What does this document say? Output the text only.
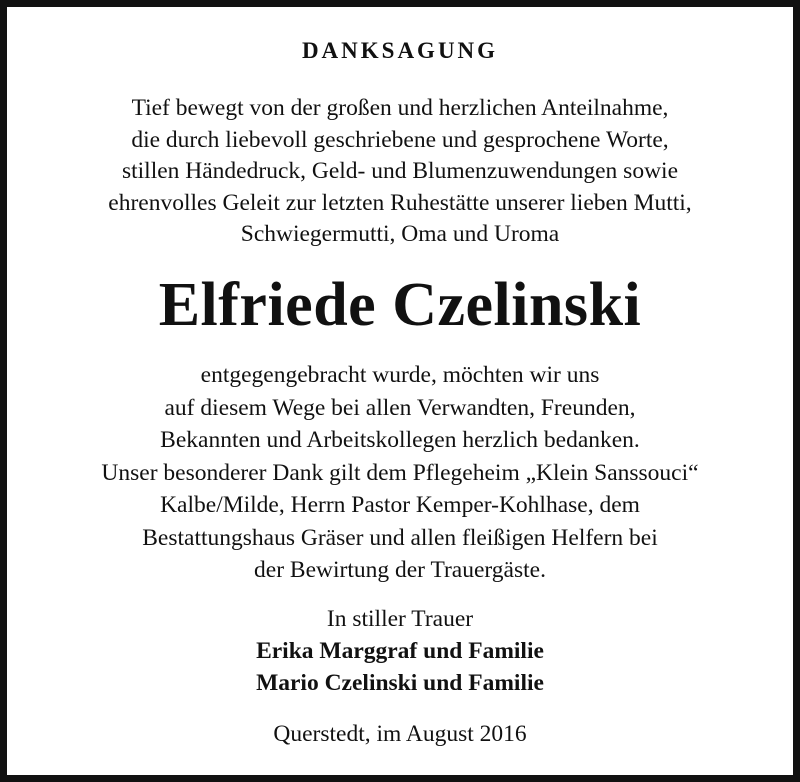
DANKSAGUNG
Tief bewegt von der großen und herzlichen Anteilnahme,
die durch liebevoll geschriebene und gesprochene Worte,
stillen Händedruck, Geld- und Blumenzuwendungen sowie
ehrenvolles Geleit zur letzten Ruhestätte unserer lieben Mutti,
Schwiegermutti, Oma und Uroma
Elfriede Czelinski
entgegengebracht wurde, möchten wir uns
auf diesem Wege bei allen Verwandten, Freunden,
Bekannten und Arbeitskollegen herzlich bedanken.
Unser besonderer Dank gilt dem Pflegeheim „Klein Sanssouci“
Kalbe/Milde, Herrn Pastor Kemper-Kohlhase, dem
Bestattungshaus Gräser und allen fleißigen Helfern bei
der Bewirtung der Trauergäste.
In stiller Trauer
Erika Marggraf und Familie
Mario Czelinski und Familie
Querstedt, im August 2016
